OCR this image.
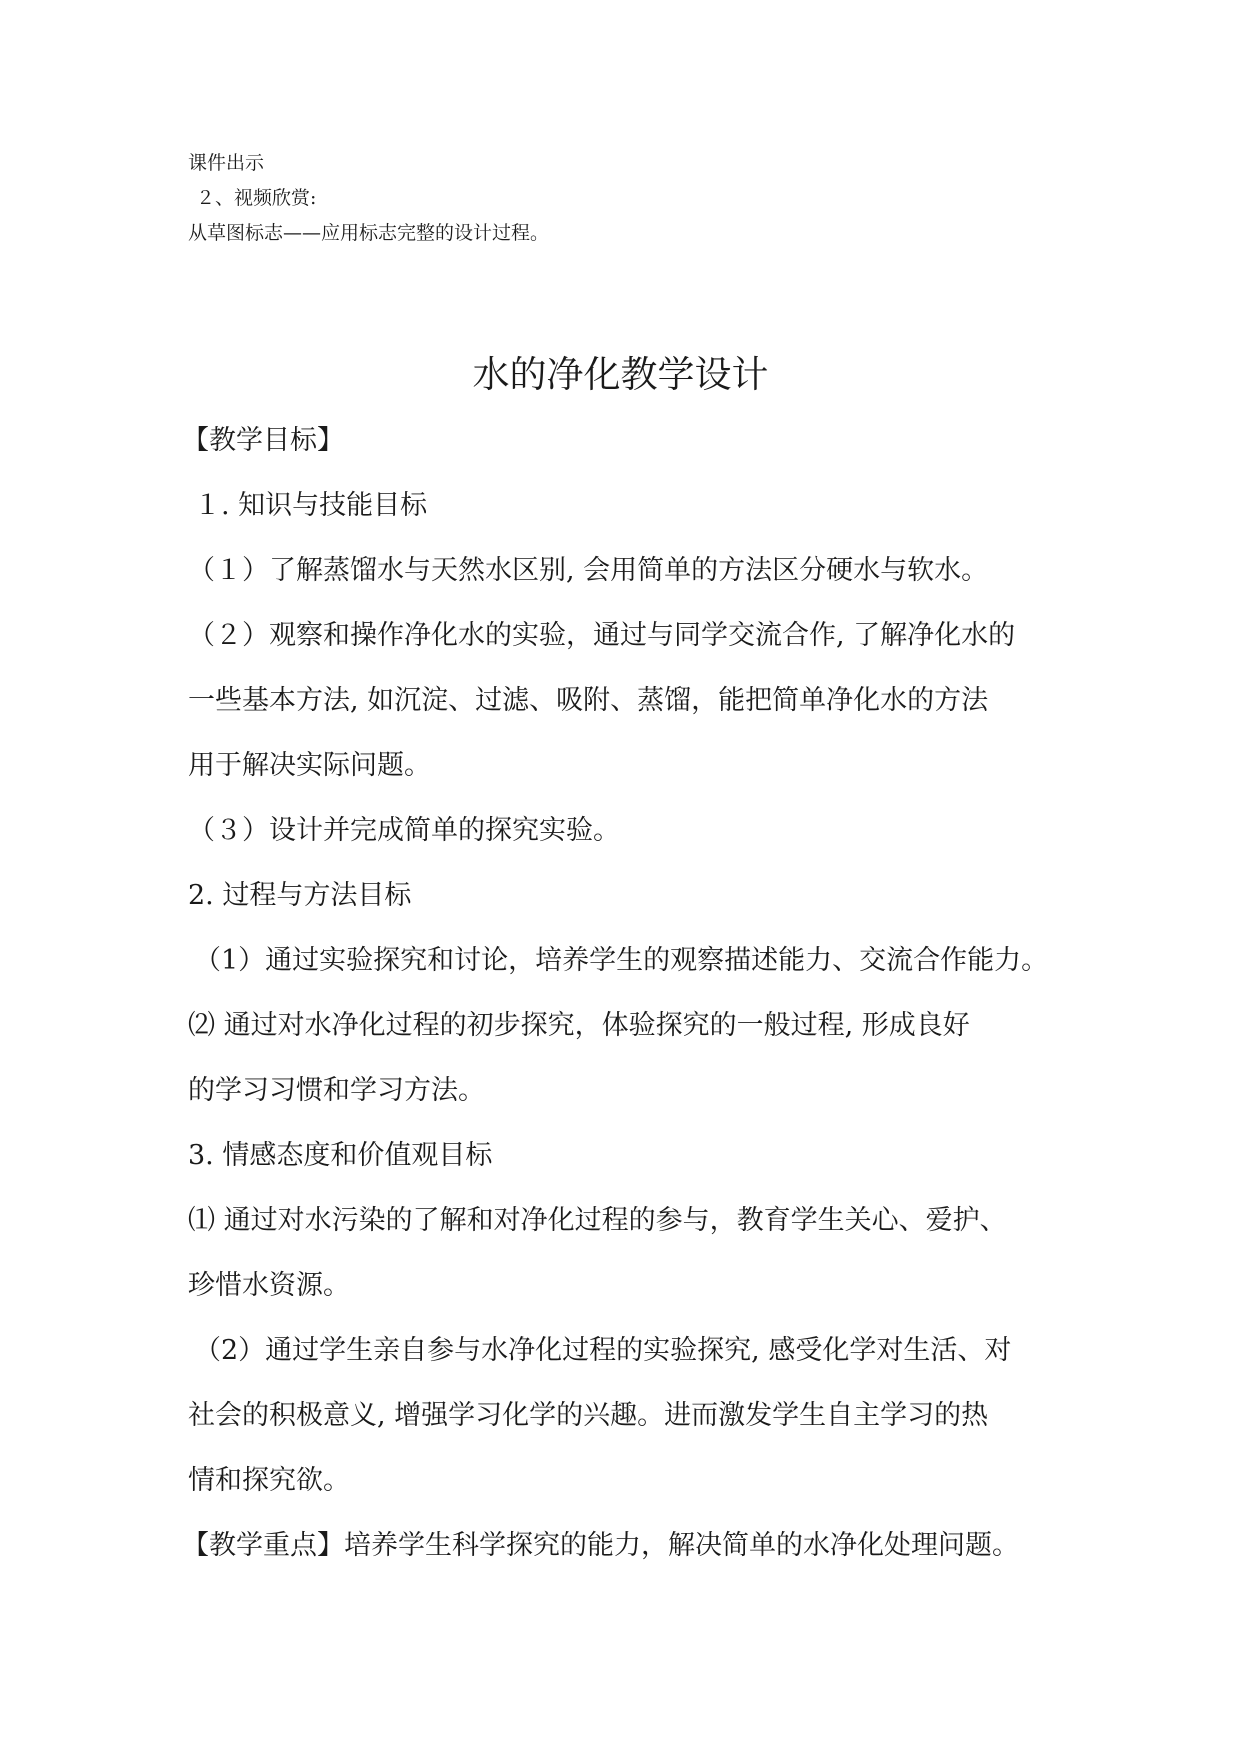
课件出示
２、视频欣赏:
从草图标志——应用标志完整的设计过程。
水的净化教学设计
【教学目标】
１. 知识与技能目标
（１）了解蒸馏水与天然水区别, 会用简单的方法区分硬水与软水。
（２）观察和操作净化水的实验，通过与同学交流合作, 了解净化水的
一些基本方法, 如沉淀、过滤、吸附、蒸馏，能把简单净化水的方法
用于解决实际问题。
（３）设计并完成简单的探究实验。
2. 过程与方法目标
（1）通过实验探究和讨论，培养学生的观察描述能力、交流合作能力。
⑵ 通过对水净化过程的初步探究，体验探究的一般过程, 形成良好
的学习习惯和学习方法。
3. 情感态度和价值观目标
⑴ 通过对水污染的了解和对净化过程的参与，教育学生关心、爱护、
珍惜水资源。
（2）通过学生亲自参与水净化过程的实验探究, 感受化学对生活、对
社会的积极意义, 增强学习化学的兴趣。进而激发学生自主学习的热
情和探究欲。
【教学重点】培养学生科学探究的能力，解决简单的水净化处理问题。
